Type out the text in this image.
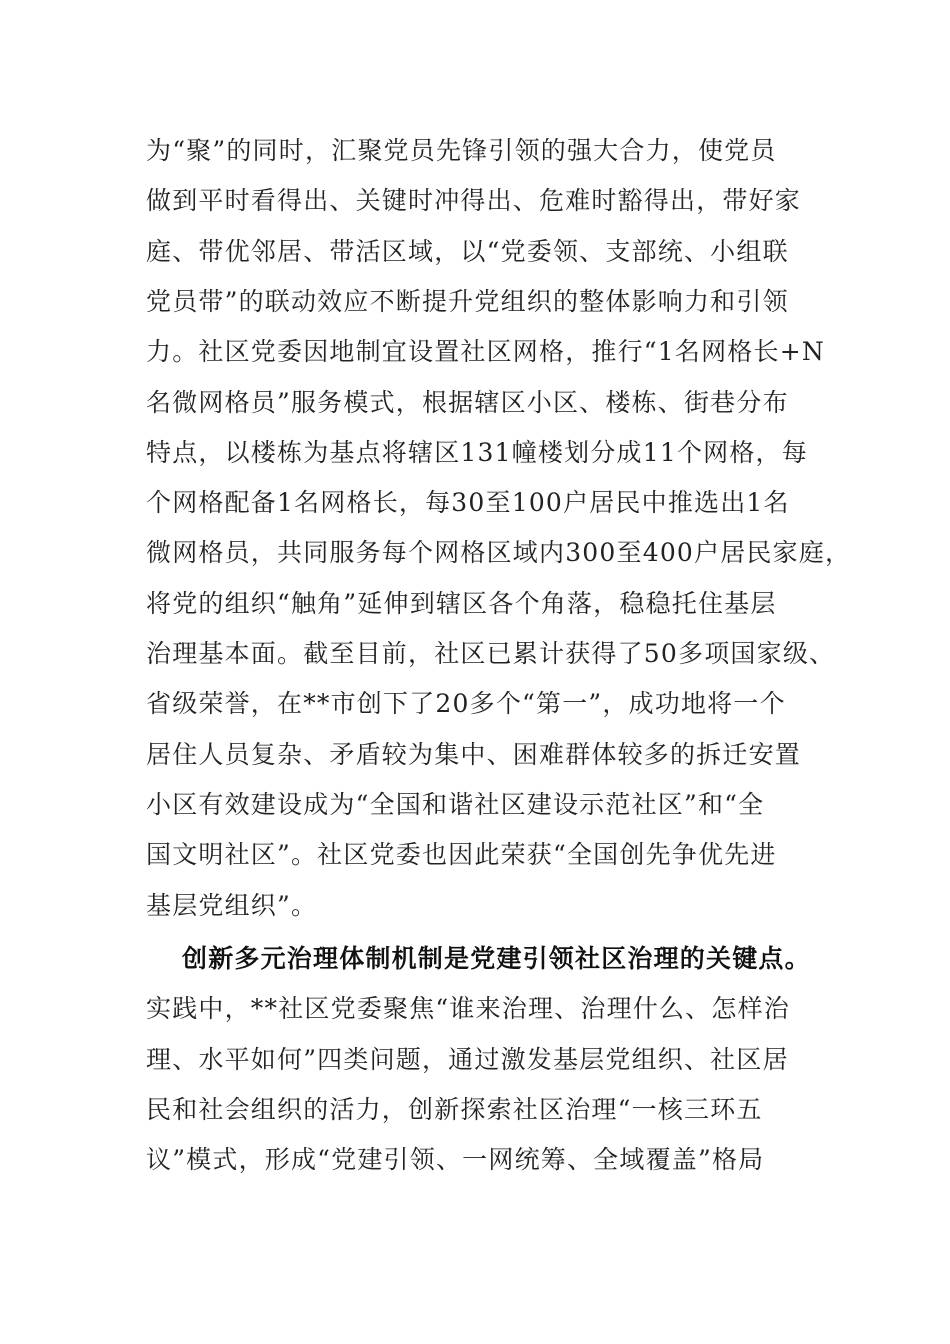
为“聚”的同时，汇聚党员先锋引领的强大合力，使党员
做到平时看得出、关键时冲得出、危难时豁得出，带好家
庭、带优邻居、带活区域，以“党委领、支部统、小组联
党员带”的联动效应不断提升党组织的整体影响力和引领
力。社区党委因地制宜设置社区网格，推行“1名网格长+N
名微网格员”服务模式，根据辖区小区、楼栋、街巷分布
特点，以楼栋为基点将辖区131幢楼划分成11个网格，每
个网格配备1名网格长，每30至100户居民中推选出1名
微网格员，共同服务每个网格区域内300至400户居民家庭，
将党的组织“触角”延伸到辖区各个角落，稳稳托住基层
治理基本面。截至目前，社区已累计获得了50多项国家级、
省级荣誉，在**市创下了20多个“第一”，成功地将一个
居住人员复杂、矛盾较为集中、困难群体较多的拆迁安置
小区有效建设成为“全国和谐社区建设示范社区”和“全
国文明社区”。社区党委也因此荣获“全国创先争优先进
基层党组织”。
创新多元治理体制机制是党建引领社区治理的关键点。
实践中，**社区党委聚焦“谁来治理、治理什么、怎样治
理、水平如何”四类问题，通过激发基层党组织、社区居
民和社会组织的活力，创新探索社区治理“一核三环五
议”模式，形成“党建引领、一网统筹、全域覆盖”格局
